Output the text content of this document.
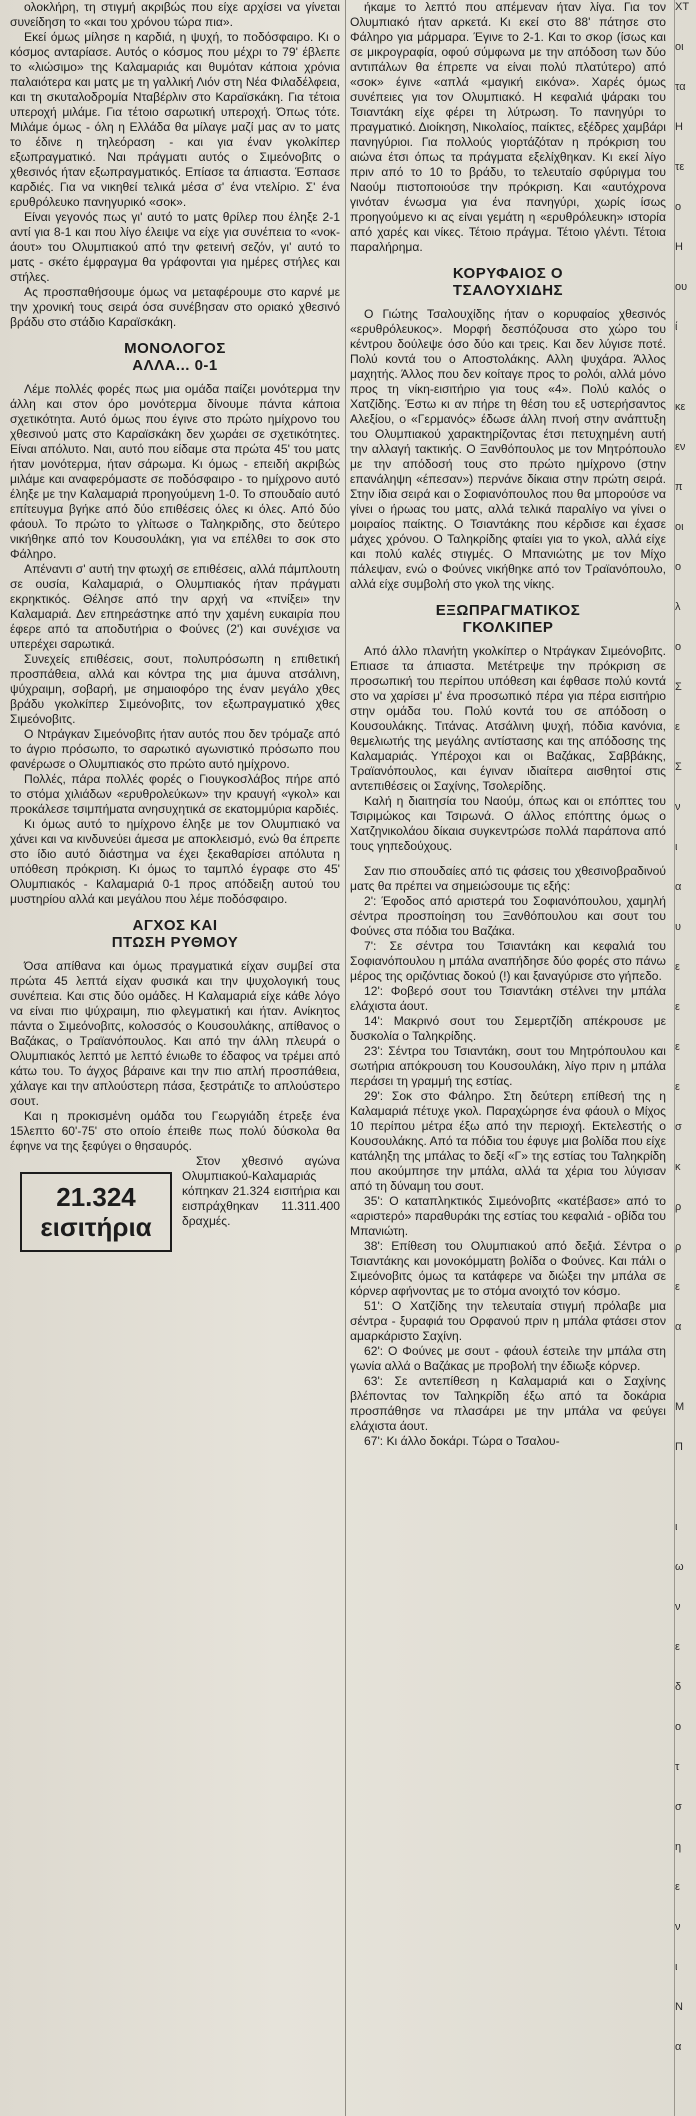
ολοκλήρη, τη στιγμή ακριβώς που είχε αρχίσει να γίνεται συνείδηση το «και του χρόνου τώρα πια».

Εκεί όμως μίλησε η καρδιά, η ψυχή, το ποδόσφαιρο. Κι ο κόσμος ανταρίασε. Αυτός ο κόσμος που μέχρι το 79' έβλεπε το «λιώσιμο» της Καλαμαριάς και θυμόταν κάποια χρόνια παλαιότερα και ματς με τη γαλλική Λιόν στη Νέα Φιλαδέλφεια, και τη σκυταλοδρομία Νταβέρλιν στο Καραϊσκάκη. Για τέτοια υπεροχή μιλάμε. Για τέτοιο σαρωτική υπεροχή. Όπως τότε. Μιλάμε όμως - όλη η Ελλάδα θα μίλαγε μαζί μας αν το ματς το έδινε η τηλεόραση - και για έναν γκολκίπερ εξωπραγματικό. Ναι πράγματι αυτός ο Σιμεόνοβιτς ο χθεσινός ήταν εξωπραγματικός. Επίασε τα άπιαστα. Έσπασε καρδιές. Για να νικηθεί τελικά μέσα σ' ένα ντελίριο. Σ' ένα ερυθρόλευκο πανηγυρικό «σοκ».

Είναι γεγονός πως γι' αυτό το ματς θρίλερ που έληξε 2-1 αντί για 8-1 και που λίγο έλειψε να είχε για συνέπεια το «νοκ-άουτ» του Ολυμπιακού από την φετεινή σεζόν, γι' αυτό το ματς - σκέτο έμφραγμα θα γράφονται για ημέρες στήλες και στήλες.

Ας προσπαθήσουμε όμως να μεταφέρουμε στο καρνέ με την χρονική τους σειρά όσα συνέβησαν στο οριακό χθεσινό βράδυ στο στάδιο Καραϊσκάκη.

ΜΟΝΟΛΟΓΟΣ
ΑΛΛΑ... 0-1

Λέμε πολλές φορές πως μια ομάδα παίζει μονότερμα την άλλη και στον όρο μονότερμα δίνουμε πάντα κάποια σχετικότητα. Αυτό όμως που έγινε στο πρώτο ημίχρονο του χθεσινού ματς στο Καραϊσκάκη δεν χωράει σε σχετικότητες. Είναι απόλυτο. Ναι, αυτό που είδαμε στα πρώτα 45' του ματς ήταν μονότερμα, ήταν σάρωμα. Κι όμως - επειδή ακριβώς μιλάμε και αναφερόμαστε σε ποδόσφαιρο - το ημίχρονο αυτό έληξε με την Καλαμαριά προηγούμενη 1-0. Το σπουδαίο αυτό επίτευγμα βγήκε από δύο επιθέσεις όλες κι όλες. Από δύο φάουλ. Το πρώτο το γλίτωσε ο Ταληκριδης, στο δεύτερο νικήθηκε από τον Κουσουλάκη, για να επέλθει το σοκ στο Φάληρο.

Απέναντι σ' αυτή την φτωχή σε επιθέσεις, αλλά πάμπλουτη σε ουσία, Καλαμαριά, ο Ολυμπιακός ήταν πράγματι εκρηκτικός. Θέλησε από την αρχή να «πνίξει» την Καλαμαριά. Δεν επηρεάστηκε από την χαμένη ευκαιρία που έφερε από τα αποδυτήρια ο Φούνες (2') και συνέχισε να υπερέχει σαρωτικά.

Συνεχείς επιθέσεις, σουτ, πολυπρόσωπη η επιθετική προσπάθεια, αλλά και κόντρα της μια άμυνα ατσάλινη, ψύχραιμη, σοβαρή, με σημαιοφόρο της έναν μεγάλο χθες βράδυ γκολκίπερ Σιμεόνοβιτς, τον εξωπραγματικό χθες Σιμεόνοβιτς.

Ο Ντράγκαν Σιμεόνοβιτς ήταν αυτός που δεν τρόμαζε από το άγριο πρόσωπο, το σαρωτικό αγωνιστικό πρόσωπο που φανέρωσε ο Ολυμπιακός στο πρώτο αυτό ημίχρονο.

Πολλές, πάρα πολλές φορές ο Γιουγκοσλάβος πήρε από το στόμα χιλιάδων «ερυθρολεύκων» την κραυγή «γκολ» και προκάλεσε τσιμπήματα ανησυχητικά σε εκατομμύρια καρδιές.

Κι όμως αυτό το ημίχρονο έληξε με τον Ολυμπιακό να χάνει και να κινδυνεύει άμεσα με αποκλεισμό, ενώ θα έπρεπε στο ίδιο αυτό διάστημα να έχει ξεκαθαρίσει απόλυτα η υπόθεση πρόκριση. Κι όμως το ταμπλό έγραφε στο 45' Ολυμπιακός - Καλαμαριά 0-1 προς απόδειξη αυτού του μυστηρίου αλλά και μεγάλου που λέμε ποδόσφαιρο.

ΑΓΧΟΣ ΚΑΙ
ΠΤΩΣΗ ΡΥΘΜΟΥ

Όσα απίθανα και όμως πραγματικά είχαν συμβεί στα πρώτα 45 λεπτά είχαν φυσικά και την ψυχολογική τους συνέπεια. Και στις δύο ομάδες. Η Καλαμαριά είχε κάθε λόγο να είναι πιο ψύχραιμη, πιο φλεγματική και ήταν. Ανίκητος πάντα ο Σιμεόνοβιτς, κολοσσός ο Κουσουλάκης, απίθανος ο Βαζάκας, ο Τραϊανόπουλος. Και από την άλλη πλευρά ο Ολυμπιακός λεπτό με λεπτό ένιωθε το έδαφος να τρέμει από κάτω του. Το άγχος βάραινε και την πιο απλή προσπάθεια, χάλαγε και την απλούστερη πάσα, ξεστράτιζε το απλούστερο σουτ.

Και η προκισμένη ομάδα του Γεωργιάδη έτρεξε ένα 15λεπτο 60'-75' στο οποίο έπειθε πως πολύ δύσκολα θα έφηνε να της ξεφύγει ο θησαυρός.

21.324
εισιτήρια

Στον χθεσινό αγώνα Ολυμπιακού-Καλαμαριάς κόπηκαν 21.324 εισιτήρια και εισπράχθηκαν 11.311.400 δραχμές.

ήκαμε το λεπτό που απέμεναν ήταν λίγα. Για τον Ολυμπιακό ήταν αρκετά. Κι εκεί στο 88' πάτησε στο Φάληρο για μάρμαρα. Έγινε το 2-1. Και το σκορ (ίσως και σε μικρογραφία, οφού σύμφωνα με την απόδοση των δύο αντιπάλων θα έπρεπε να είναι πολύ πλατύτερο) από «σοκ» έγινε «απλά «μαγική εικόνα». Χαρές όμως συνέπειες για τον Ολυμπιακό. Η κεφαλιά ψάρακι του Τσιαντάκη είχε φέρει τη λύτρωση. Το πανηγύρι το πραγματικό. Διοίκηση, Νικολαίος, παίκτες, εξέδρες χαμβάρι πανηγύριοι. Για πολλούς γιορτάζόταν η πρόκριση του αιώνα έτσι όπως τα πράγματα εξελίχθηκαν. Κι εκεί λίγο πριν από το 10 το βράδυ, το τελευταίο σφύριγμα του Ναούμ πιστοποιούσε την πρόκριση. Και «αυτόχρονα γινόταν ένωσμα για ένα πανηγύρι, χωρίς ίσως προηγούμενο κι ας είναι γεμάτη η «ερυθρόλευκη» ιστορία από χαρές και νίκες. Τέτοιο πράγμα. Τέτοιο γλέντι. Τέτοια παραλήρημα.

ΚΟΡΥΦΑΙΟΣ Ο
ΤΣΑΛΟΥΧΙΔΗΣ

Ο Γιώτης Τσαλουχίδης ήταν ο κορυφαίος χθεσινός «ερυθρόλευκος». Μορφή δεσπόζουσα στο χώρο του κέντρου δούλεψε όσο δύο και τρεις. Και δεν λύγισε ποτέ. Πολύ κοντά του ο Αποστολάκης. Αλλη ψυχάρα. Άλλος μαχητής. Άλλος που δεν κοίταγε προς το ρολόι, αλλά μόνο προς τη νίκη-εισιτήριο για τους «4». Πολύ καλός ο Χατζίδης. Έστω κι αν πήρε τη θέση του εξ υστερήσαντος Αλεξίου, ο «Γερμανός» έδωσε άλλη πνοή στην ανάπτυξη του Ολυμπιακού χαρακτηρίζοντας έτσι πετυχημένη αυτή την αλλαγή τακτικής. Ο Ξανθόπουλος με τον Μητρόπουλο με την απόδοσή τους στο πρώτο ημίχρονο (στην επανάληψη «έπεσαν») περνάνε δίκαια στην πρώτη σειρά. Στην ίδια σειρά και ο Σοφιανόπουλος που θα μπορούσε να γίνει ο ήρωας του ματς, αλλά τελικά παραλίγο να γίνει ο μοιραίος παίκτης. Ο Τσιαντάκης που κέρδισε και έχασε μάχες χρόνου. Ο Ταληκρίδης φταίει για το γκολ, αλλά είχε και πολύ καλές στιγμές. Ο Μπανιώτης με τον Μίχο πάλεψαν, ενώ ο Φούνες νικήθηκε από τον Τραϊανόπουλο, αλλά είχε συμβολή στο γκολ της νίκης.

ΕΞΩΠΡΑΓΜΑΤΙΚΟΣ
ΓΚΟΛΚΙΠΕΡ

Από άλλο πλανήτη γκολκίπερ ο Ντράγκαν Σιμεόνοβιτς. Επιασε τα άπιαστα. Μετέτρεψε την πρόκριση σε προσωπική του περίπου υπόθεση και έφθασε πολύ κοντά στο να χαρίσει μ' ένα προσωπικό πέρα για πέρα εισιτήριο στην ομάδα του. Πολύ κοντά του σε απόδοση ο Κουσουλάκης. Τιτάνας. Ατσάλινη ψυχή, πόδια κανόνια, θεμελιωτής της μεγάλης αντίστασης και της απόδοσης της Καλαμαριάς. Υπέροχοι και οι Βαζάκας, Σαββάκης, Τραϊανόπουλος, και έγιναν ιδιαίτερα αισθητοί στις αντεπιθέσεις οι Σαχίνης, Τσολερίδης.

Καλή η διαιτησία του Ναούμ, όπως και οι επόπτες του Τσιριμώκος και Τσιρωνά. Ο άλλος επόπτης όμως ο Χατζηνικολάου δίκαια συγκεντρώσε πολλά παράπονα από τους γηπεδούχους.

Σαν πιο σπουδαίες από τις φάσεις του χθεσινοβραδινού ματς θα πρέπει να σημειώσουμε τις εξής:

2': Έφοδος από αριστερά του Σοφιανόπουλου, χαμηλή σέντρα προσποίηση του Ξανθόπουλου και σουτ του Φούνες στα πόδια του Βαζάκα.

7': Σε σέντρα του Τσιαντάκη και κεφαλιά του Σοφιανόπουλου η μπάλα αναπήδησε δύο φορές στο πάνω μέρος της οριζόντιας δοκού (!) και ξαναγύρισε στο γήπεδο.

12': Φοβερό σουτ του Τσιαντάκη στέλνει την μπάλα ελάχιστα άουτ.

14': Μακρινό σουτ του Σεμερτζίδη απέκρουσε με δυσκολία ο Ταληκρίδης.

23': Σέντρα του Τσιαντάκη, σουτ του Μητρόπουλου και σωτήρια απόκρουση του Κουσουλάκη, λίγο πριν η μπάλα περάσει τη γραμμή της εστίας.

29': Σοκ στο Φάληρο. Στη δεύτερη επίθεσή της η Καλαμαριά πέτυχε γκολ. Παραχώρησε ένα φάουλ ο Μίχος 10 περίπου μέτρα έξω από την περιοχή. Εκτελεστής ο Κουσουλάκης. Από τα πόδια του έφυγε μια βολίδα που είχε κατάληξη της μπάλας το δεξί «Γ» της εστίας του Ταληκρίδη που ακούμπησε την μπάλα, αλλά τα χέρια του λύγισαν από τη δύναμη του σουτ.

35': Ο καταπληκτικός Σιμεόνοβιτς «κατέβασε» από το «αριστερό» παραθυράκι της εστίας του κεφαλιά - οβίδα του Μπανιώτη.

38': Επίθεση του Ολυμπιακού από δεξιά. Σέντρα ο Τσιαντάκης και μονοκόμματη βολίδα ο Φούνες. Και πάλι ο Σιμεόνοβιτς όμως τα κατάφερε να διώξει την μπάλα σε κόρνερ αφήνοντας με το στόμα ανοιχτό τον κόσμο.

51': Ο Χατζίδης την τελευταία στιγμή πρόλαβε μια σέντρα - ξυραφιά του Ορφανού πριν η μπάλα φτάσει στον αμαρκάριστο Σαχίνη.

62': Ο Φούνες με σουτ - φάουλ έστειλε την μπάλα στη γωνία αλλά ο Βαζάκας με προβολή την έδιωξε κόρνερ.

63': Σε αντεπίθεση η Καλαμαριά και ο Σαχίνης βλέποντας τον Ταληκρίδη έξω από τα δοκάρια προσπάθησε να πλασάρει με την μπάλα να φεύγει ελάχιστα άουτ.

67': Κι άλλο δοκάρι. Τώρα ο Τσαλου-

ΧΤ
οι
τα
Η
τε
ο
Η
ου
ί
κε
εν
π
οι
ο
λ
ο
Σ
ε
Σ
ν
ι
α
υ
ε
ε
ε
ε
σ
κ
ρ
ρ
ε
α
Μ
Π
ι
ω
ν
ε
δ
ο
τ
σ
η
ε
ν
ι
Ν
α
